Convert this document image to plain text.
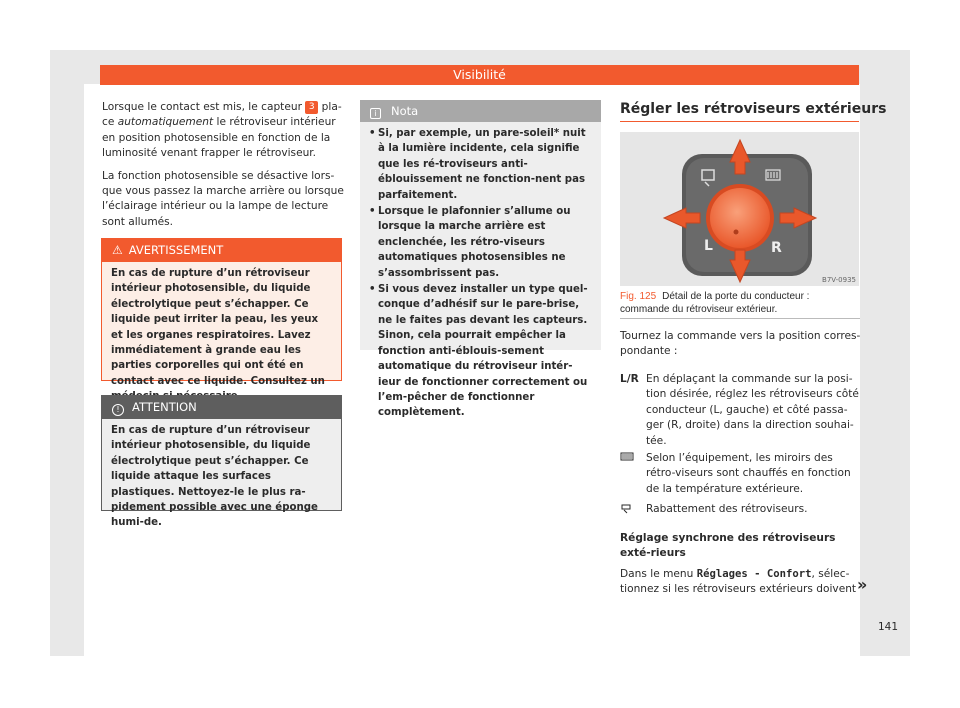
Visibilité

Lorsque le contact est mis, le capteur 3 pla-
ce automatiquement le rétroviseur intérieur en position photosensible en fonction de la luminosité venant frapper le rétroviseur.

La fonction photosensible se désactive lors-que vous passez la marche arrière ou lorsque l’éclairage intérieur ou la lampe de lecture sont allumés.

⚠ AVERTISSEMENT
En cas de rupture d’un rétroviseur intérieur photosensible, du liquide électrolytique peut s’échapper. Ce liquide peut irriter la peau, les yeux et les organes respiratoires. Lavez immédiatement à grande eau les parties corporelles qui ont été en contact avec ce liquide. Consultez un
! ATTENTION
En cas de rupture d’un rétroviseur intérieur photosensible, du liquide électrolytique peut s’échapper. Ce liquide attaque les surfaces plastiques. Nettoyez-le le plus ra-pidement possible avec une éponge humi-de.
i Nota
• Si, par exemple, un pare-soleil* nuit à la lumière incidente, cela signifie que les ré-troviseurs anti-éblouissement ne fonction-nent pas parfaitement.
• Lorsque le plafonnier s’allume ou lorsque la marche arrière est enclenchée, les rétro-viseurs automatiques photosensibles ne s’assombrissent pas.
• Si vous devez installer un type quel-conque d’adhésif sur le pare-brise, ne le faites pas devant les capteurs. Sinon, cela pourrait empêcher la fonction anti-éblouis-sement automatique du rétroviseur intér-ieur de fonctionner correctement ou l’em-pêcher de fonctionner complètement.
Régler les rétroviseurs extérieurs
L	R
B7V-0935
Fig. 125 Détail de la porte du conducteur : commande du rétroviseur extérieur.
Tournez la commande vers la position corres-pondante :
L/R En déplaçant la commande sur la posi-tion désirée, réglez les rétroviseurs côté conducteur (L, gauche) et côté passa-ger (R, droite) dans la direction souhai-tée.
Selon l’équipement, les miroirs des rétro-viseurs sont chauffés en fonction de la température extérieure.
Rabattement des rétroviseurs.
Réglage synchrone des rétroviseurs exté-rieurs
Dans le menu Réglages - Confort, sélec-tionnez si les rétroviseurs extérieurs doivent »
141
